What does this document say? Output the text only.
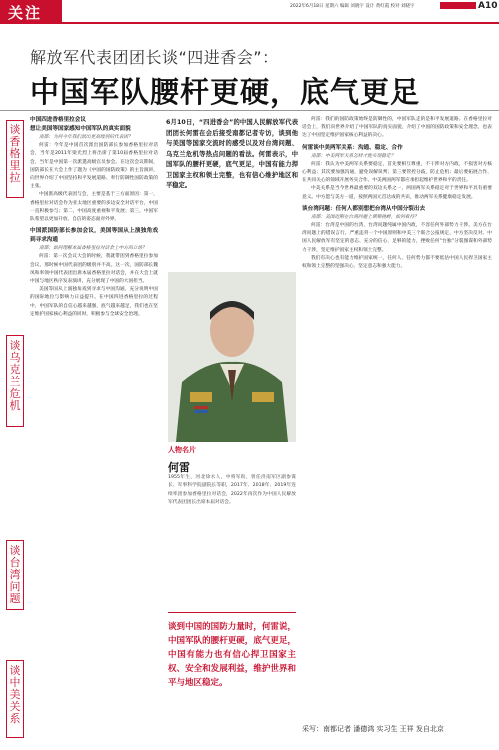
2022年6月18日 星期六 编辑 刘晓宇 设计 黄红霞 校对 刘晓宇	A10
关注
解放军代表团团长谈“四进香会”：
中国军队腰杆更硬，底气更足
谈香格里拉
谈乌克兰危机
谈台湾问题
谈中美关系

中国四进香格里拉会议

想让美国等国家感知中国军队的真实面貌

南都：为何今年我们派出更高级别的代表团？

何雷：今年是中国首次派出国防部长参加香格里拉对话会，当年是2011年梁光烈上将出席了第10届香格里拉对话会，当年是中国第一次派遣高级官员参会。在这次会议期间，国防部长在大会上作了题为《中国的国防政策》的主旨演讲，向世界介绍了中国坚持和平发展道路、奉行防御性国防政策的主张。

中国派高级代表团与会，主要是基于三方面原因：第一，香格里拉对话会作为亚太地区重要的多边安全对话平台，中国一直积极参与；第二，中国高度重视和平发展；第三，中国军队希望以更加开放、自信的姿态面对外界。

中国派国防部长参加会议，美国等国从上演独角戏到寻求沟通

南都：如何理解本届香格里拉对话会上中方的立场？

何雷：第一次会议大会的时候，我就带团到香格里拉参加会议，那时候中国代表团的级别并不高。这一次，国防部长魏凤和率领中国代表团出席本届香格里拉对话会，并在大会上就中国与地区秩序发表演讲，充分展现了中国的大国担当。

美国等国从上演独角戏到寻求与中国沟通，充分说明中国的国际地位与影响力日益提升。在中国四进香格里拉的过程中，中国军队的自信心越来越强，底气越来越足，我们也在坚定维护国家核心利益的同时，积极参与全球安全治理。

6月10日，“四进香会”的中国人民解放军代表团团长何雷在会后接受南都记者专访，谈到他与美国等国家交流时的感受以及对台湾问题、乌克兰危机等热点问题的看法。何雷表示，中国军队的腰杆更硬，底气更足，中国有能力捍卫国家主权和领土完整，也有信心维护地区和平稳定。
人物名片
何雷
1955年生，河北徐水人，中将军衔，曾任济南军区副参谋长、军事科学院副院长等职，2017年、2018年、2019年连续率团参加香格里拉对话会，2022年再次作为中国人民解放军代表团团长出席本届对话会。
谈到中国的国防力量时，何雷说，中国军队的腰杆更硬，底气更足，中国有能力也有信心捍卫国家主权、安全和发展利益，维护世界和平与地区稳定。

何雷：我们的国防政策始终是防御性的，中国军队走的是和平发展道路。在香格里拉对话会上，我们向世界介绍了中国军队的真实面貌，介绍了中国的国防政策和安全理念，也表达了中国坚定维护国家核心利益的决心。

何雷谈中美两军关系：沟通、稳定、合作

南都：中美两军关系怎样才能实现稳定？

何雷：我认为中美两军关系要稳定，首先要相互尊重，不干涉对方内政，不损害对方核心利益；其次要加强沟通，避免误解误判；第三要管控分歧，防止危机；最后要拓展合作，在共同关心的领域开展务实合作。中美两国两军都应承担起维护世界和平的责任。

中美关系是当今世界最重要的双边关系之一，两国两军关系稳定对于世界和平具有重要意义。中方愿与美方一道，按照两国元首达成的共识，推动两军关系健康稳定发展。

谈台湾问题：任何人都别想把台湾从中国分裂出去

南都：美国近期在台湾问题上频频挑衅，如何看待？

何雷：台湾是中国的台湾，台湾问题纯属中国内政，不容任何外部势力干涉。美方在台湾问题上的错误言行，严重违背一个中国原则和中美三个联合公报规定，中方坚决反对。中国人民解放军有坚定的意志、充分的信心、足够的能力，挫败任何“台独”分裂图谋和外部势力干涉，坚定维护国家主权和领土完整。

我们有决心也有能力维护国家统一，任何人、任何势力都不要低估中国人民捍卫国家主权和领土完整的坚强决心、坚定意志和强大能力。

采写：南都记者 潘德鸿 实习生 王祥 发自北京
